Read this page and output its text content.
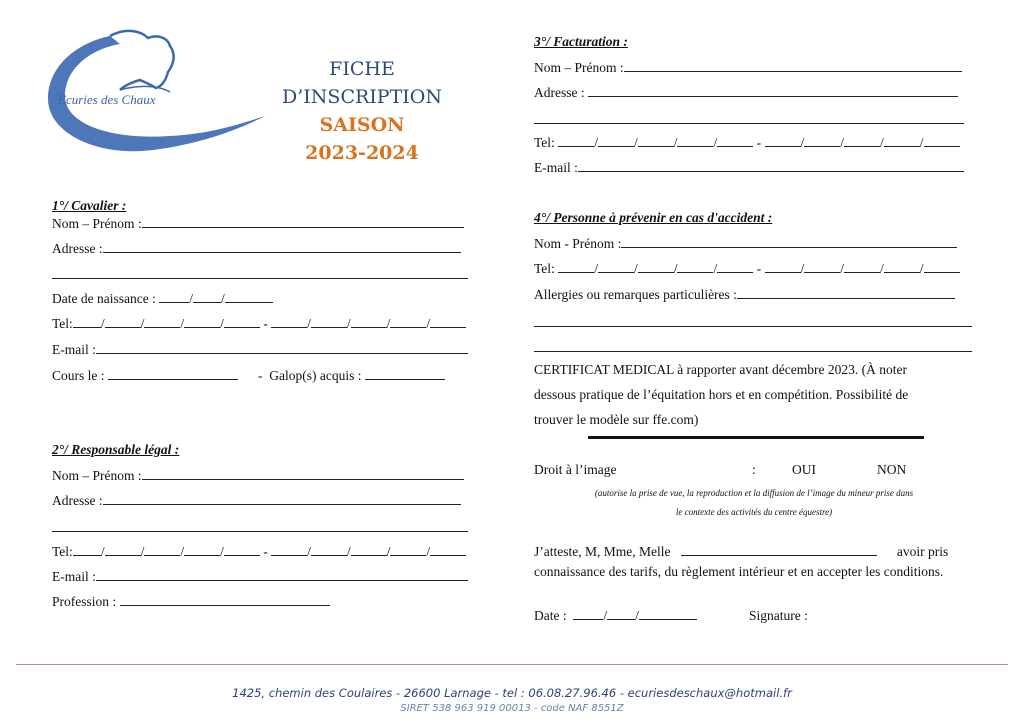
Ecuries des Chaux
FICHE
D’INSCRIPTION
SAISON
2023-2024
1°/ Cavalier :
Nom – Prénom :
Adresse :
Date de naissance : / /
Tel: /	/	/	/	-	/	/	/	/
E-mail :
Cours le :	-  Galop(s) acquis :
2°/ Responsable légal :
Nom – Prénom :
Adresse :
Tel: /	/	/	/	-	/	/	/	/
E-mail :
Profession :
3°/ Facturation :
Nom – Prénom :
Adresse :
Tel:	/	/	/	/	-	/	/	/	/
E-mail :
4°/ Personne à prévenir en cas d'accident :
Nom - Prénom :
Tel:	/	/	/	/	-	/	/	/	/
Allergies ou remarques particulières :
CERTIFICAT MEDICAL à rapporter avant décembre 2023. (À noter
dessous pratique de l’équitation hors et en compétition. Possibilité de
trouver le modèle sur ffe.com)
Droit à l’image	:	OUI	NON
(autorise la prise de vue, la reproduction et la diffusion de l’image du mineur prise dans
le contexte des activités du centre équestre)
J’atteste, M, Mme, Melle	avoir pris
connaissance des tarifs, du règlement intérieur et en accepter les conditions.
Date :	/ /	Signature :
1425, chemin des Coulaires - 26600 Larnage - tel : 06.08.27.96.46 - ecuriesdeschaux@hotmail.fr
SIRET 538 963 919 00013 - code NAF 8551Z
